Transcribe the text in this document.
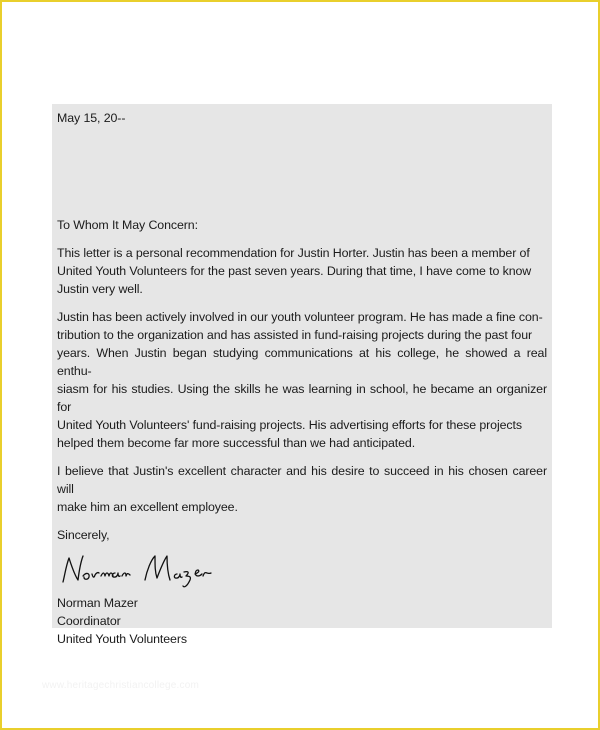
May 15, 20--

To Whom It May Concern:

This letter is a personal recommendation for Justin Horter. Justin has been a member of
United Youth Volunteers for the past seven years. During that time, I have come to know
Justin very well.

Justin has been actively involved in our youth volunteer program. He has made a fine con-
tribution to the organization and has assisted in fund-raising projects during the past four
years. When Justin began studying communications at his college, he showed a real enthu-
siasm for his studies. Using the skills he was learning in school, he became an organizer for
United Youth Volunteers' fund-raising projects. His advertising efforts for these projects
helped them become far more successful than we had anticipated.

I believe that Justin's excellent character and his desire to succeed in his chosen career will
make him an excellent employee.

Sincerely,

Norman Mazer
Coordinator
United Youth Volunteers
www.heritagechristiancollege.com
